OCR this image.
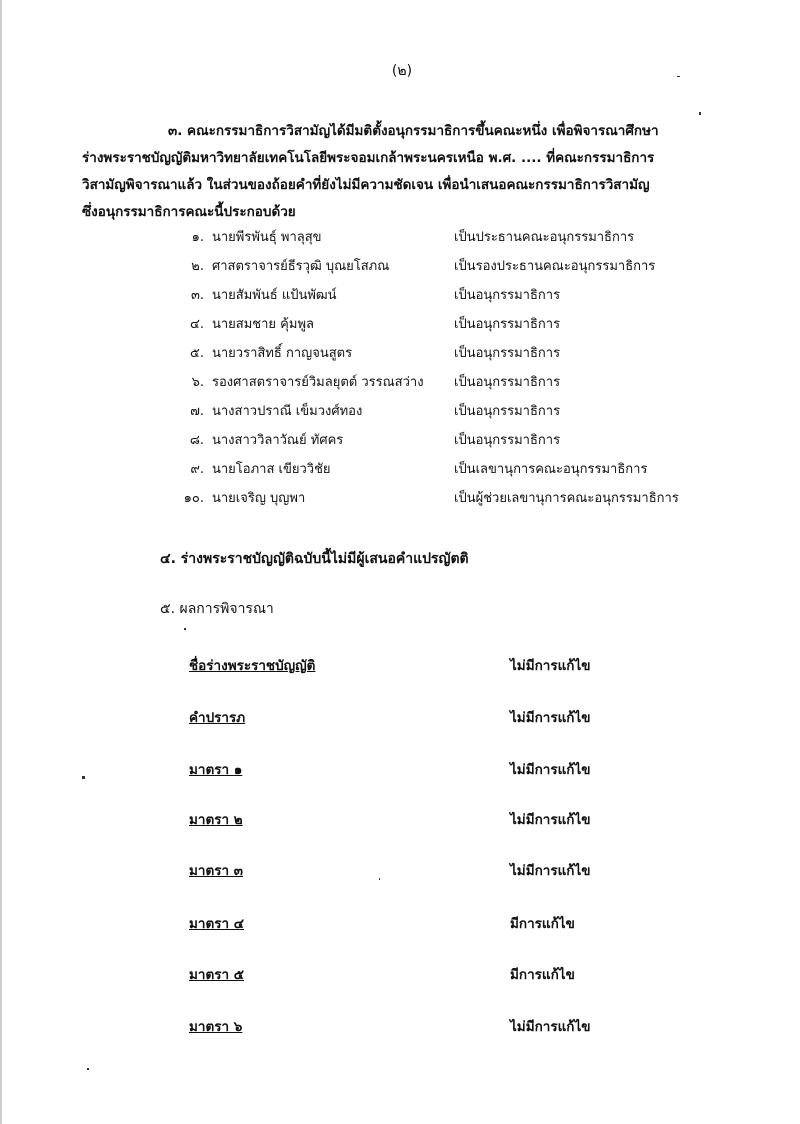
(๒)
๓. คณะกรรมาธิการวิสามัญได้มีมติตั้งอนุกรรมาธิการขึ้นคณะหนึ่ง เพื่อพิจารณาศึกษา
ร่างพระราชบัญญัติมหาวิทยาลัยเทคโนโลยีพระจอมเกล้าพระนครเหนือ พ.ศ. .... ที่คณะกรรมาธิการ
วิสามัญพิจารณาแล้ว ในส่วนของถ้อยคำที่ยังไม่มีความชัดเจน เพื่อนำเสนอคณะกรรมาธิการวิสามัญ
ซึ่งอนุกรรมาธิการคณะนี้ประกอบด้วย
๑. นายพีรพันธุ์ พาลุสุข	เป็นประธานคณะอนุกรรมาธิการ
๒. ศาสตราจารย์ธีรวุฒิ บุณยโสภณ	เป็นรองประธานคณะอนุกรรมาธิการ
๓. นายสัมพันธ์ แป้นพัฒน์	เป็นอนุกรรมาธิการ
๔. นายสมชาย คุ้มพูล	เป็นอนุกรรมาธิการ
๕. นายวราสิทธิ์ กาญจนสูตร	เป็นอนุกรรมาธิการ
๖. รองศาสตราจารย์วิมลยุตต์ วรรณสว่าง เป็นอนุกรรมาธิการ
๗. นางสาวปราณี เข็มวงศ์ทอง	เป็นอนุกรรมาธิการ
๘. นางสาววิลาวัณย์ ทัศคร	เป็นอนุกรรมาธิการ
๙. นายโอภาส เขียววิชัย	เป็นเลขานุการคณะอนุกรรมาธิการ
๑๐. นายเจริญ บุญพา	เป็นผู้ช่วยเลขานุการคณะอนุกรรมาธิการ
๔. ร่างพระราชบัญญัติฉบับนี้ไม่มีผู้เสนอคำแปรญัตติ
๕. ผลการพิจารณา
ชื่อร่างพระราชบัญญัติ	ไม่มีการแก้ไข
คำปรารภ	ไม่มีการแก้ไข
มาตรา ๑	ไม่มีการแก้ไข
มาตรา ๒	ไม่มีการแก้ไข
มาตรา ๓	ไม่มีการแก้ไข
มาตรา ๔	มีการแก้ไข
มาตรา ๕	มีการแก้ไข
มาตรา ๖	ไม่มีการแก้ไข
